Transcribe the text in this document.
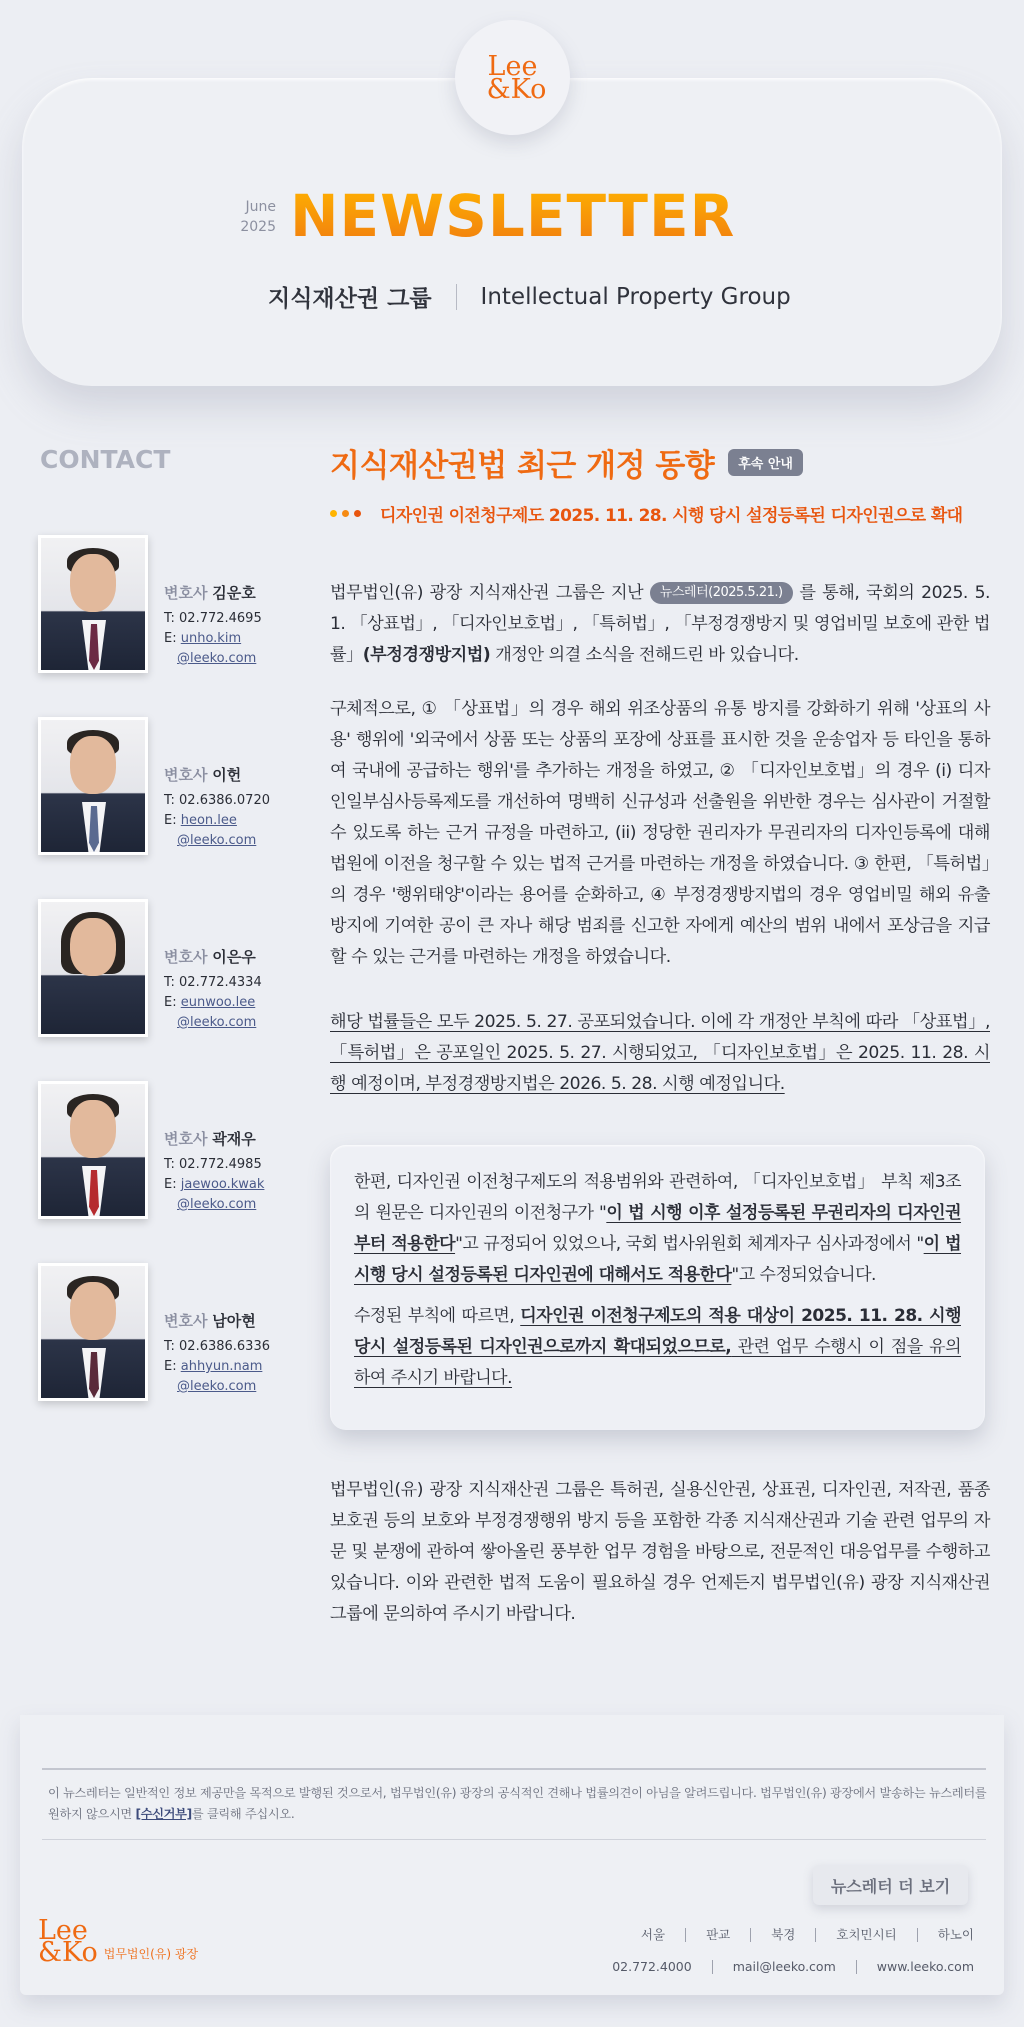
Lee
&Ko
June
2025 NEWSLETTER
지식재산권 그룹 Intellectual Property Group
CONTACT
변호사 김운호
T: 02.772.4695
E: unho.kim
@leeko.com
변호사 이헌
T: 02.6386.0720
E: heon.lee
@leeko.com
변호사 이은우
T: 02.772.4334
E: eunwoo.lee
@leeko.com
변호사 곽재우
T: 02.772.4985
E: jaewoo.kwak
@leeko.com
변호사 남아현
T: 02.6386.6336
E: ahhyun.nam
@leeko.com
지식재산권법 최근 개정 동향	후속 안내
디자인권 이전청구제도 2025. 11. 28. 시행 당시 설정등록된 디자인권으로 확대
법무법인(유) 광장 지식재산권 그룹은 지난 뉴스레터(2025.5.21.) 를 통해, 국회의 2025. 5. 1. 「상표법」, 「디자인보호법」, 「특허법」, 「부정경쟁방지 및 영업비밀 보호에 관한 법률」(부정경쟁방지법) 개정안 의결 소식을 전해드린 바 있습니다.
구체적으로, ① 「상표법」의 경우 해외 위조상품의 유통 방지를 강화하기 위해 '상표의 사용' 행위에 '외국에서 상품 또는 상품의 포장에 상표를 표시한 것을 운송업자 등 타인을 통하여 국내에 공급하는 행위'를 추가하는 개정을 하였고, ② 「디자인보호법」의 경우 (i) 디자인일부심사등록제도를 개선하여 명백히 신규성과 선출원을 위반한 경우는 심사관이 거절할 수 있도록 하는 근거 규정을 마련하고, (ii) 정당한 권리자가 무권리자의 디자인등록에 대해 법원에 이전을 청구할 수 있는 법적 근거를 마련하는 개정을 하였습니다. ③ 한편, 「특허법」의 경우 '행위태양'이라는 용어를 순화하고, ④ 부정경쟁방지법의 경우 영업비밀 해외 유출 방지에 기여한 공이 큰 자나 해당 범죄를 신고한 자에게 예산의 범위 내에서 포상금을 지급할 수 있는 근거를 마련하는 개정을 하였습니다.
해당 법률들은 모두 2025. 5. 27. 공포되었습니다. 이에 각 개정안 부칙에 따라 「상표법」, 「특허법」은 공포일인 2025. 5. 27. 시행되었고, 「디자인보호법」은 2025. 11. 28. 시행 예정이며, 부정경쟁방지법은 2026. 5. 28. 시행 예정입니다.
한편, 디자인권 이전청구제도의 적용범위와 관련하여, 「디자인보호법」 부칙 제3조의 원문은 디자인권의 이전청구가 "이 법 시행 이후 설정등록된 무권리자의 디자인권부터 적용한다"고 규정되어 있었으나, 국회 법사위원회 체계자구 심사과정에서 "이 법 시행 당시 설정등록된 디자인권에 대해서도 적용한다"고 수정되었습니다.
수정된 부칙에 따르면, 디자인권 이전청구제도의 적용 대상이 2025. 11. 28. 시행 당시 설정등록된 디자인권으로까지 확대되었으므로, 관련 업무 수행시 이 점을 유의하여 주시기 바랍니다.
법무법인(유) 광장 지식재산권 그룹은 특허권, 실용신안권, 상표권, 디자인권, 저작권, 품종보호권 등의 보호와 부정경쟁행위 방지 등을 포함한 각종 지식재산권과 기술 관련 업무의 자문 및 분쟁에 관하여 쌓아올린 풍부한 업무 경험을 바탕으로, 전문적인 대응업무를 수행하고 있습니다. 이와 관련한 법적 도움이 필요하실 경우 언제든지 법무법인(유) 광장 지식재산권 그룹에 문의하여 주시기 바랍니다.
이 뉴스레터는 일반적인 정보 제공만을 목적으로 발행된 것으로서, 법무법인(유) 광장의 공식적인 견해나 법률의견이 아님을 알려드립니다. 법무법인(유) 광장에서 발송하는 뉴스레터를 원하지 않으시면 [수신거부]를 클릭해 주십시오.
뉴스레터 더 보기
Lee
&Ko 법무법인(유) 광장
서울	판교	북경	호치민시티	하노이
02.772.4000	mail@leeko.com	www.leeko.com
